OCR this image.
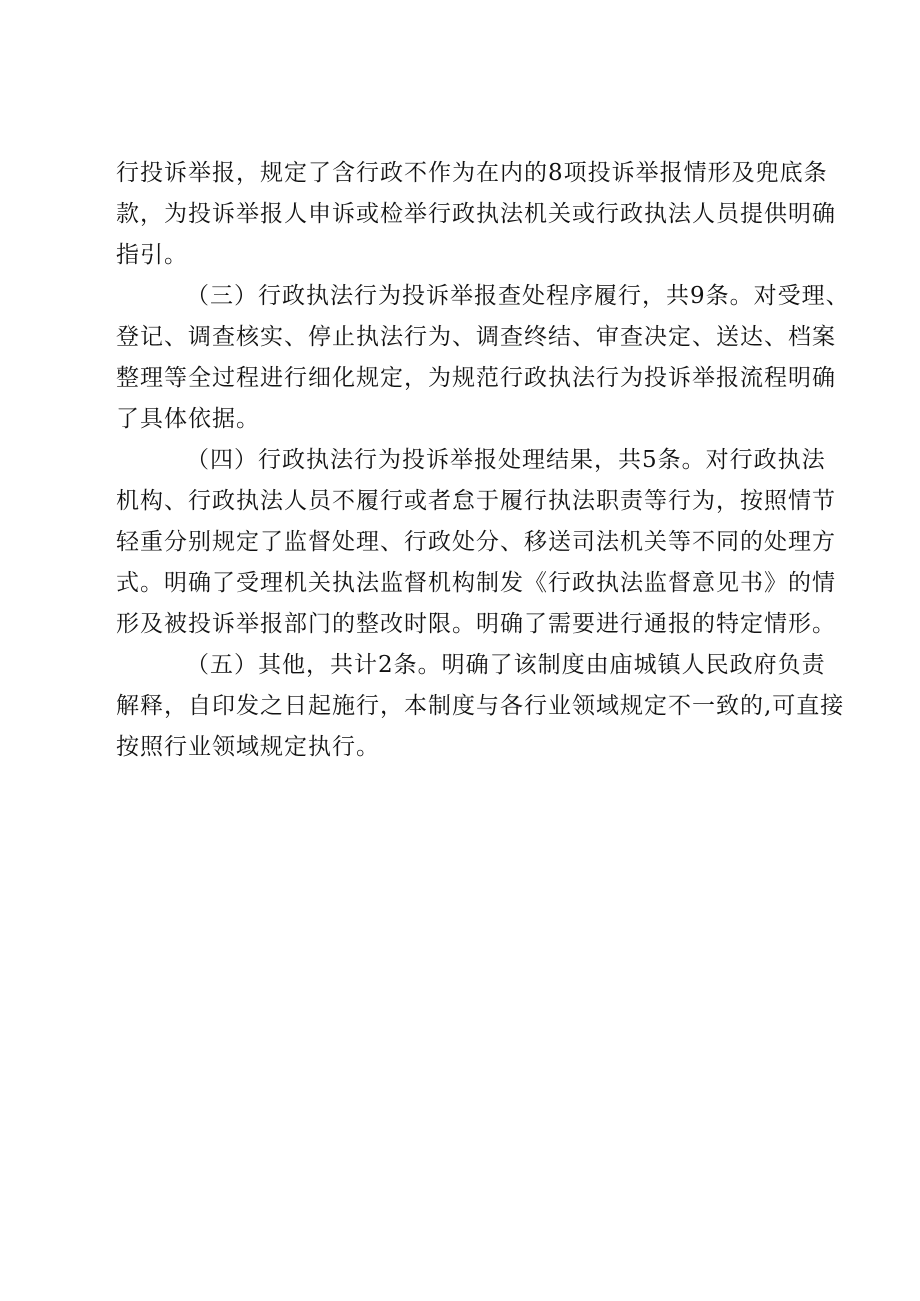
行投诉举报，规定了含行政不作为在内的8项投诉举报情形及兜底条
款，为投诉举报人申诉或检举行政执法机关或行政执法人员提供明确
指引。
（三）行政执法行为投诉举报查处程序履行，共9条。对受理、
登记、调查核实、停止执法行为、调查终结、审查决定、送达、档案
整理等全过程进行细化规定，为规范行政执法行为投诉举报流程明确
了具体依据。
（四）行政执法行为投诉举报处理结果，共5条。对行政执法
机构、行政执法人员不履行或者怠于履行执法职责等行为，按照情节
轻重分别规定了监督处理、行政处分、移送司法机关等不同的处理方
式。明确了受理机关执法监督机构制发《行政执法监督意见书》的情
形及被投诉举报部门的整改时限。明确了需要进行通报的特定情形。
（五）其他，共计2条。明确了该制度由庙城镇人民政府负责
解释，自印发之日起施行，本制度与各行业领域规定不一致的,可直接
按照行业领域规定执行。
